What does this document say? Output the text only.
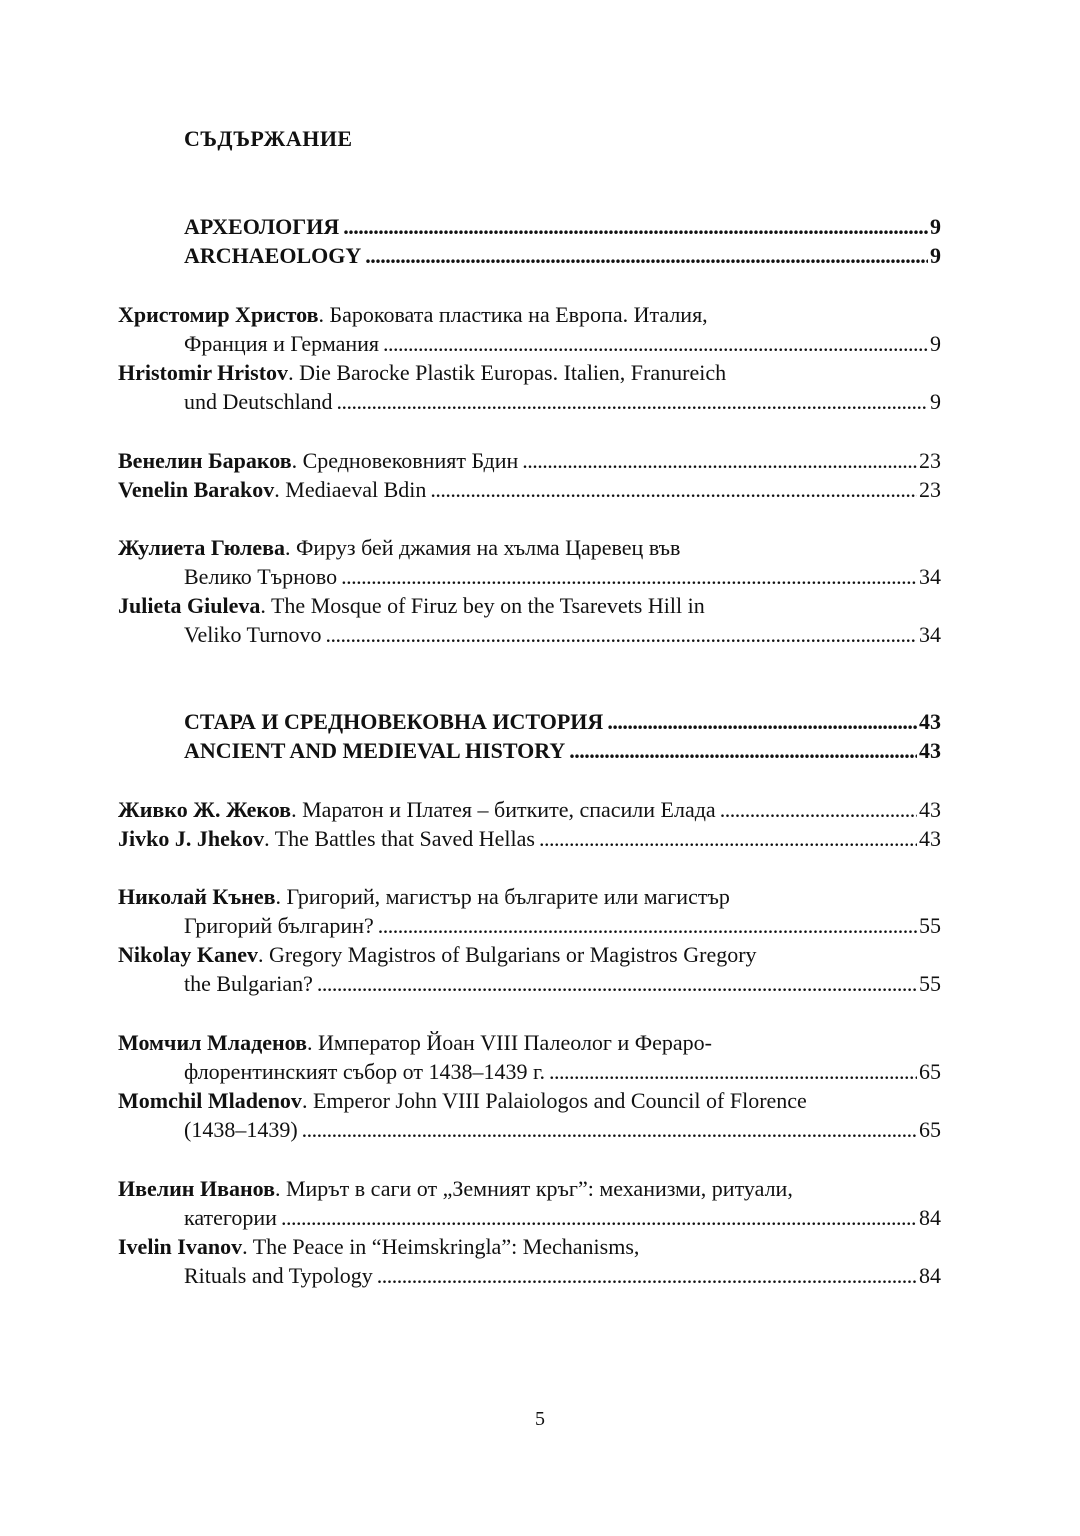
СЪДЪРЖАНИЕ
АРХЕОЛОГИЯ . . .	9
ARCHAEOLOGY . . .	9
Христомир Христов. Бароковата пластика на Европа. Италия,
Франция и Германия . . .	9
Hristomir Hristov. Die Barocke Plastik Europas. Italien, Franureich
und Deutschland . . .	9
Венелин Бараков. Средновековният Бдин . . .	23
Venelin Barakov. Mediaeval Bdin . . .	23
Жулиета Гюлева. Фируз бей джамия на хълма Царевец във
Велико Търново . . .	34
Julieta Giuleva. The Mosque of Firuz bey on the Tsarevets Hill in
Veliko Turnovo . . .	34
СТАРА И СРЕДНОВЕКОВНА ИСТОРИЯ . . .	43
ANCIENT AND MEDIEVAL HISTORY . . .	43
Живко Ж. Жеков. Маратон и Платея – битките, спасили Елада . . .	43
Jivko J. Jhekov. The Battles that Saved Hellas . . .	43
Николай Кънев. Григорий, магистър на българите или магистър
Григорий българин? . . .	55
Nikolay Kanev. Gregory Magistros of Bulgarians or Magistros Gregory
the Bulgarian? . . .	55
Момчил Младенов. Император Йоан VIII Палеолог и Фераро-
флорентинският събор от 1438–1439 г. . . .	65
Momchil Mladenov. Emperor John VIII Palaiologos and Council of Florence
(1438–1439) . . .	65
Ивелин Иванов. Мирът в саги от „Земният кръг”: механизми, ритуали,
категории . . .	84
Ivelin Ivanov. The Peace in “Heimskringla”: Mechanisms,
Rituals and Typology . . .	84
5
